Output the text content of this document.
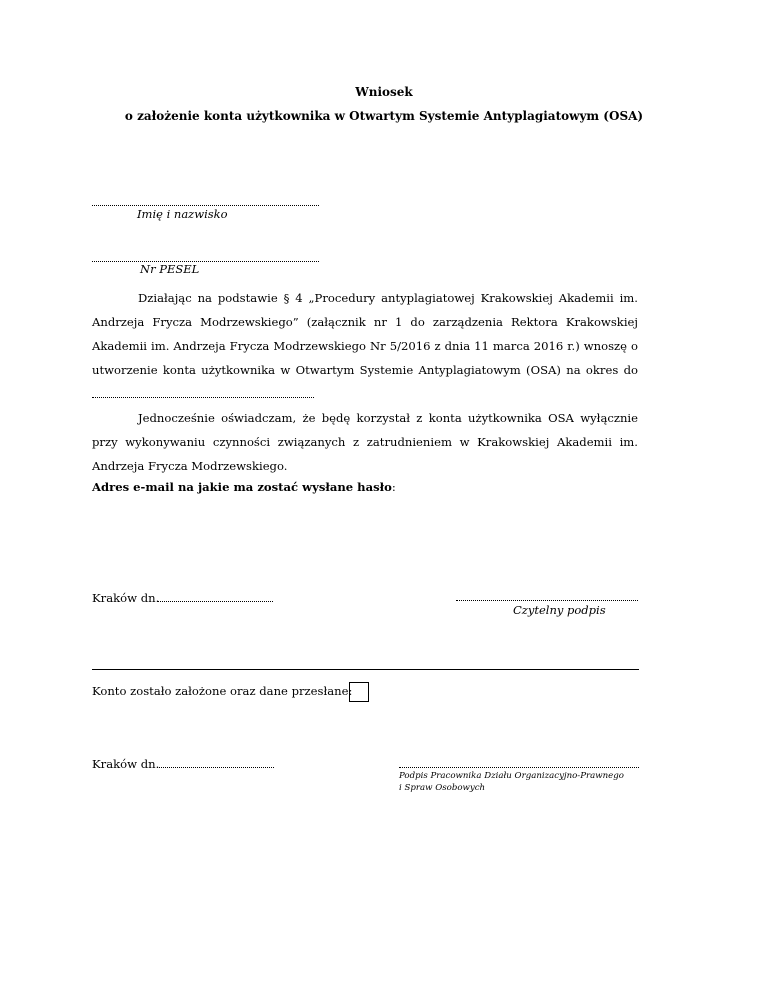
Wniosek
o założenie konta użytkownika w Otwartym Systemie Antyplagiatowym (OSA)
Imię i nazwisko
Nr PESEL

Działając na podstawie § 4 „Procedury antyplagiatowej Krakowskiej Akademii im. Andrzeja Frycza Modrzewskiego” (załącznik nr 1 do zarządzenia Rektora Krakowskiej Akademii im. Andrzeja Frycza Modrzewskiego Nr 5/2016 z dnia 11 marca 2016 r.) wnoszę o utworzenie konta użytkownika w Otwartym Systemie Antyplagiatowym (OSA) na okres do

Jednocześnie oświadczam, że będę korzystał z konta użytkownika OSA wyłącznie przy wykonywaniu czynności związanych z zatrudnieniem w Krakowskiej Akademii im. Andrzeja Frycza Modrzewskiego.

Adres e-mail na jakie ma zostać wysłane hasło:
Kraków dn.
Czytelny podpis
Konto zostało założone oraz dane przesłane:
Kraków dn.
Podpis Pracownika Działu Organizacyjno-Prawnego
i Spraw Osobowych
